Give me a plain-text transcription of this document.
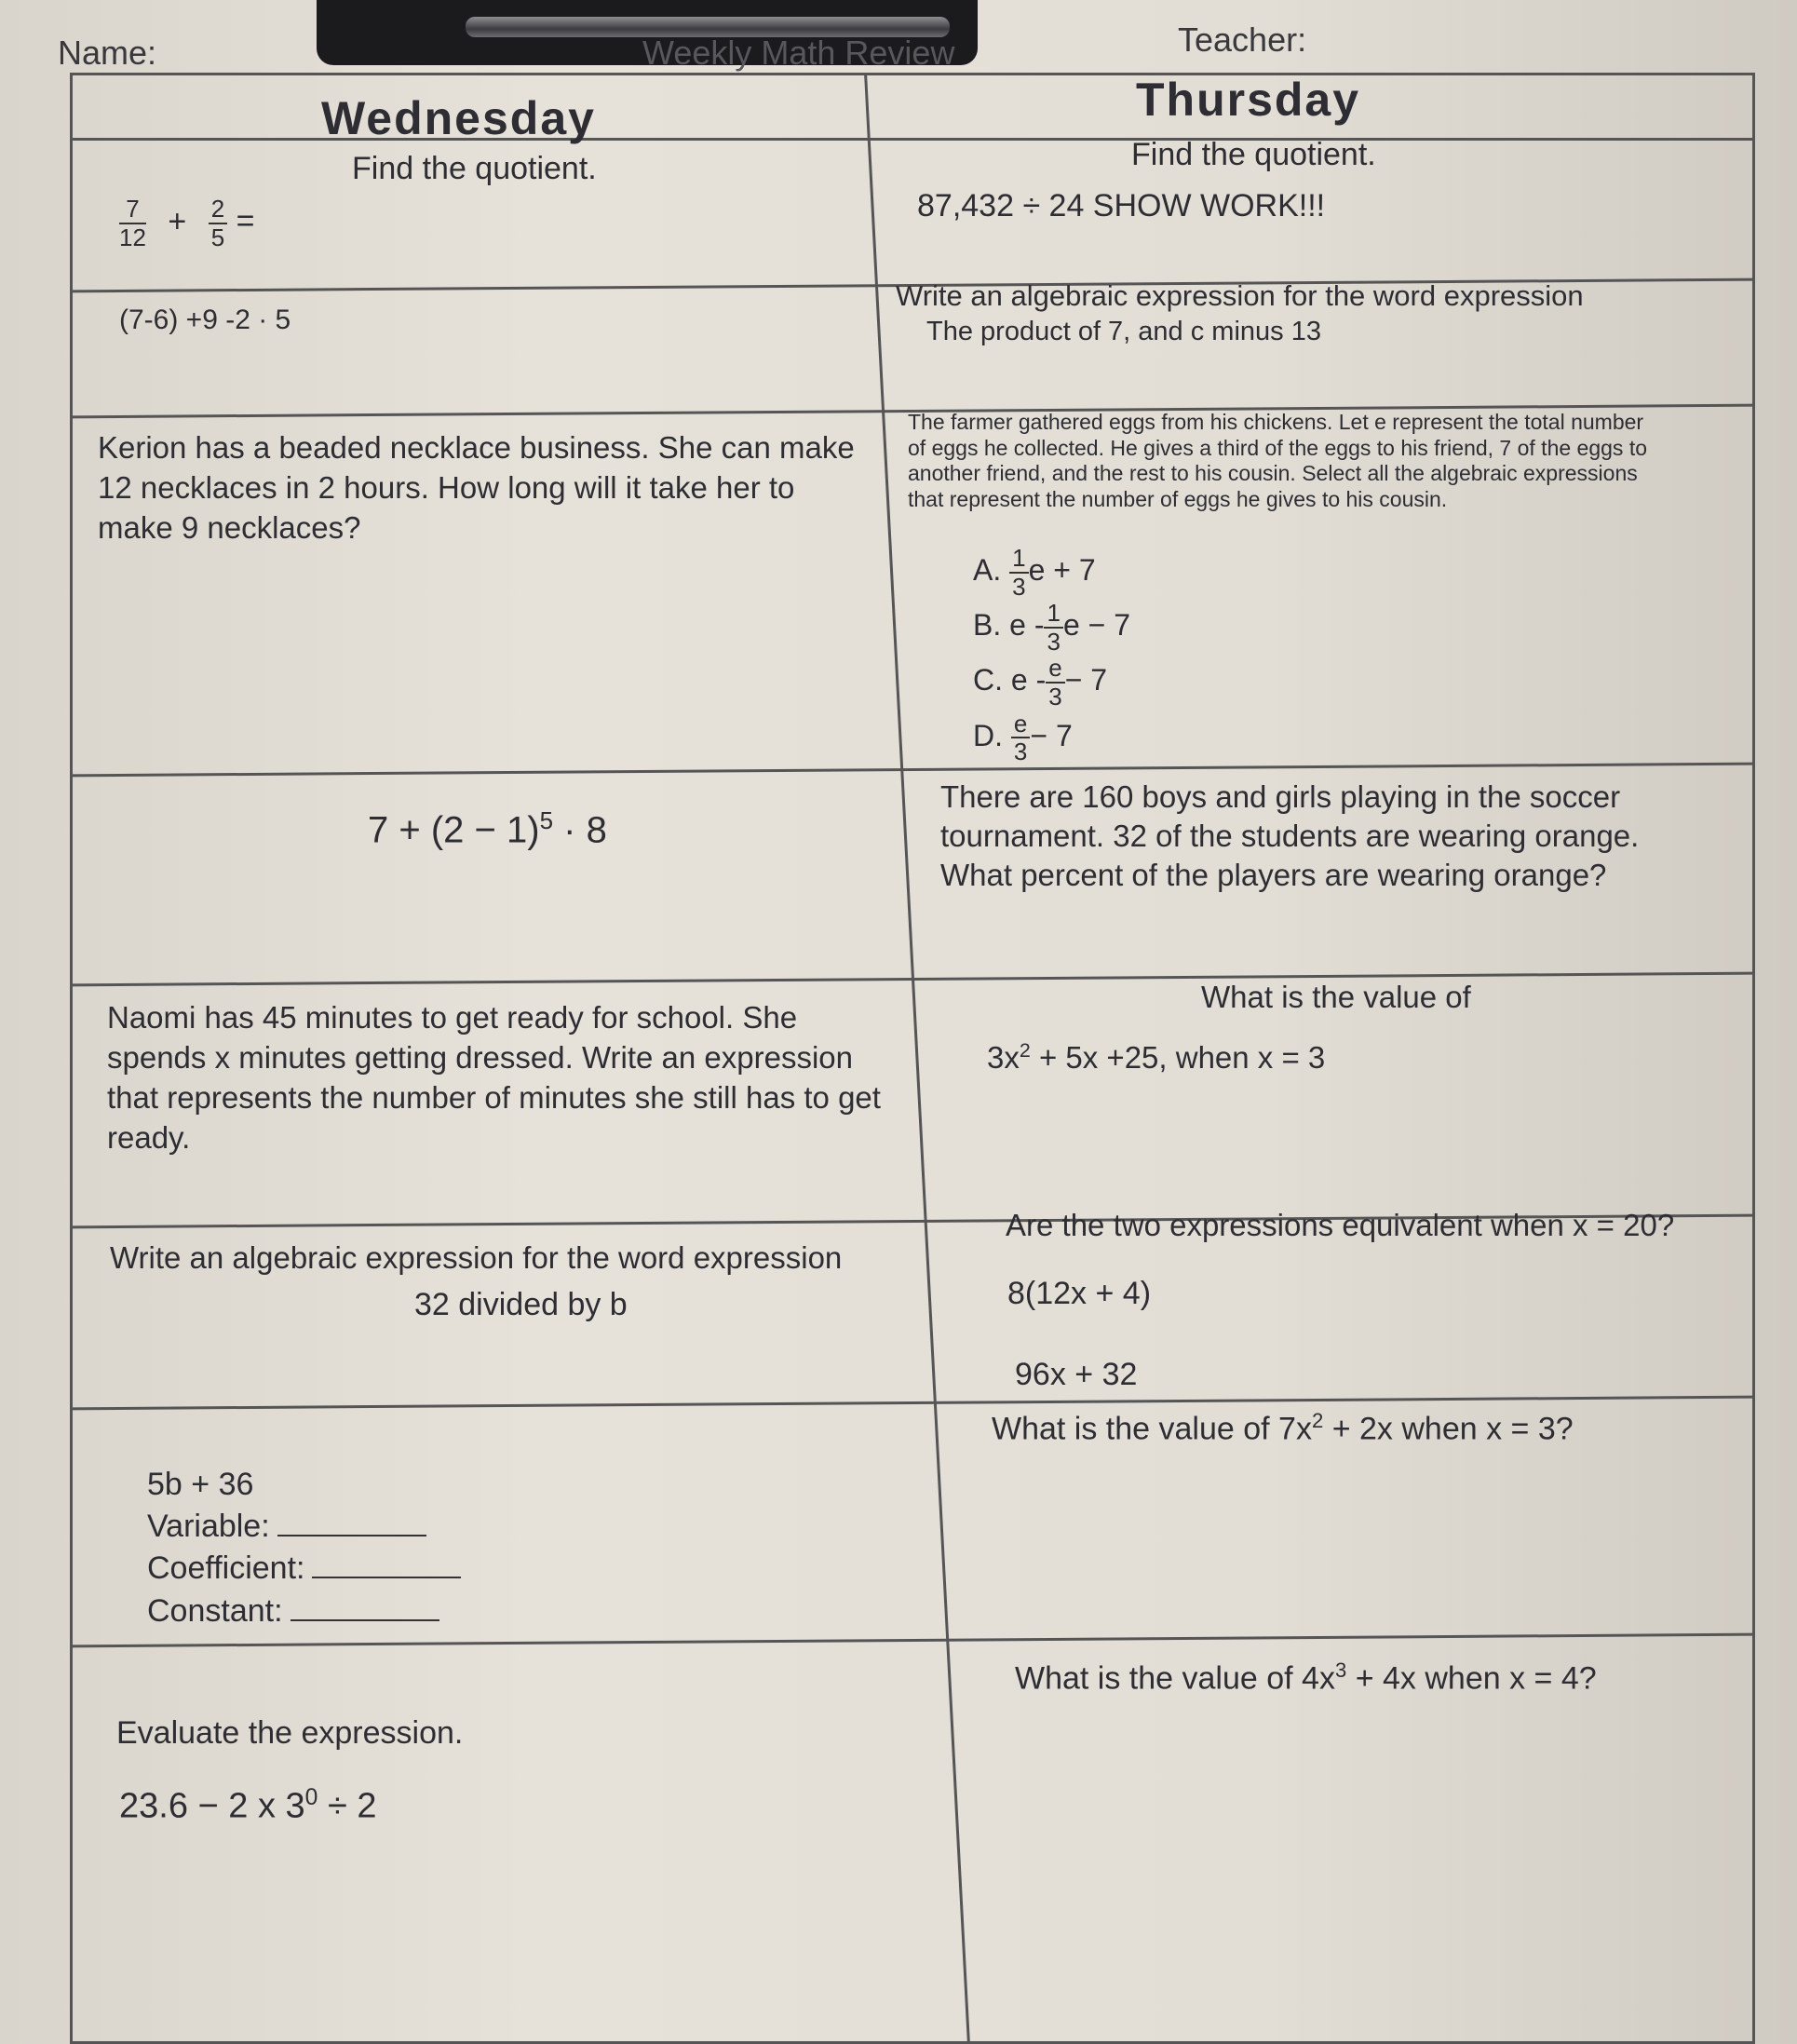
Name:	Weekly Math Review	Teacher:
Wednesday
Find the quotient.
$\frac{7}{12} + \frac{2}{5}$ =
(7-6) +9 -2 · 5
Kerion has a beaded necklace business. She can make 12 necklaces in 2 hours. How long will it take her to make 9 necklaces?
$7 + (2 - 1)^5 \cdot 8$
Naomi has 45 minutes to get ready for school. She spends x minutes getting dressed. Write an expression that represents the number of minutes she still has to get ready.
Write an algebraic expression for the word expression
32 divided by b
5b + 36
Variable:
Coefficient:
Constant:
Evaluate the expression.
23.6 − 2 x $3^0 \div 2$
Thursday
Find the quotient.
87,432 ÷ 24 SHOW WORK!!!
Write an algebraic expression for the word expression
The product of 7, and c minus 13
The farmer gathered eggs from his chickens. Let e represent the total number of eggs he collected. He gives a third of the eggs to his friend, 7 of the eggs to another friend, and the rest to his cousin. Select all the algebraic expressions that represent the number of eggs he gives to his cousin.
A. $\frac{1}{3}$ e + 7
B. e - $\frac{1}{3}$ e − 7
C. $e - \frac{e}{3} - 7$
D. $\frac{e}{3} - 7$
There are 160 boys and girls playing in the soccer tournament. 32 of the students are wearing orange. What percent of the players are wearing orange?
What is the value of
$3x^2 + 5x +25$, when x = 3
Are the two expressions equivalent when x = 20?
8(12x + 4)
96x + 32
What is the value of $7x^2 + 2x$ when x = 3?
What is the value of $4x^3 + 4x$ when x = 4?
